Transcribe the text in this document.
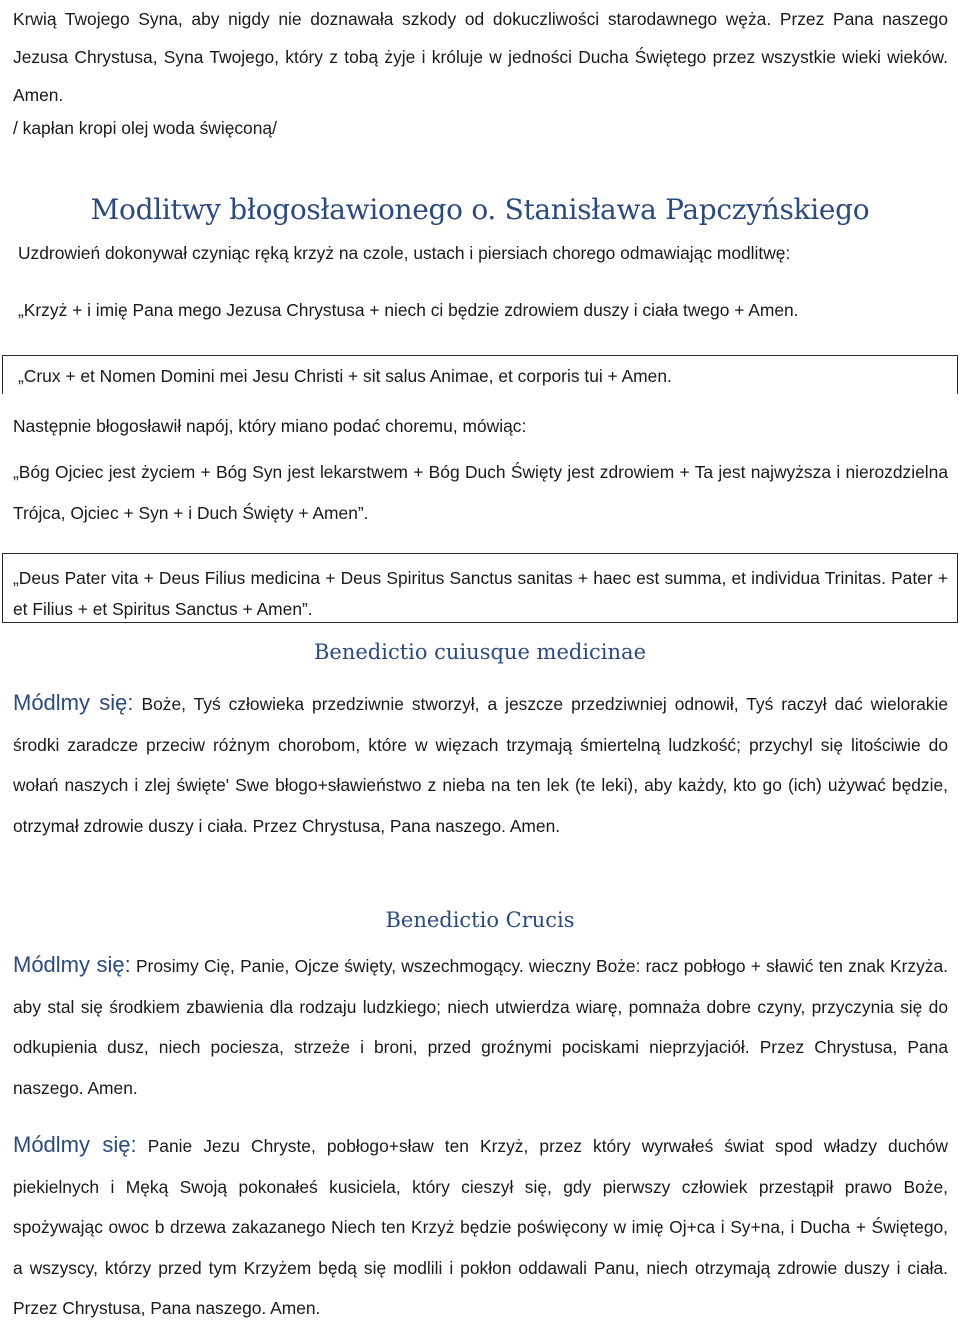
Krwią Twojego Syna, aby nigdy nie doznawała szkody od dokuczliwości starodawnego węża. Przez Pana naszego Jezusa Chrystusa, Syna Twojego, który z tobą żyje i króluje w jedności Ducha Świętego przez wszystkie wieki wieków. Amen.

/ kapłan kropi olej woda święconą/

Modlitwy błogosławionego o. Stanisława Papczyńskiego

Uzdrowień dokonywał czyniąc ręką krzyż na czole, ustach i piersiach chorego odmawiając modlitwę:

„Krzyż + i imię Pana mego Jezusa Chrystusa + niech ci będzie zdrowiem duszy i ciała twego + Amen.

„Crux + et Nomen Domini mei Jesu Christi + sit salus Animae, et corporis tui + Amen.

Następnie błogosławił napój, który miano podać choremu, mówiąc:

„Bóg Ojciec jest życiem + Bóg Syn jest lekarstwem + Bóg Duch Święty jest zdrowiem + Ta jest najwyższa i nierozdzielna Trójca, Ojciec + Syn + i Duch Święty + Amen”.

„Deus Pater vita + Deus Filius medicina + Deus Spiritus Sanctus sanitas + haec est summa, et individua Trinitas. Pater + et Filius + et Spiritus Sanctus + Amen”.

Benedictio cuiusque medicinae

Módlmy się: Boże, Tyś człowieka przedziwnie stworzył, a jeszcze przedziwniej odnowił, Tyś raczył dać wielorakie środki zaradcze przeciw różnym chorobom, które w więzach trzymają śmiertelną ludzkość; przychyl się litościwie do wołań naszych i zlej święte' Swe błogo+sławieństwo z nieba na ten lek (te leki), aby każdy, kto go (ich) używać będzie, otrzymał zdrowie duszy i ciała. Przez Chrystusa, Pana naszego. Amen.

Benedictio Crucis

Módlmy się: Prosimy Cię, Panie, Ojcze święty, wszechmogący. wieczny Boże: racz pobłogo + sławić ten znak Krzyża. aby stal się środkiem zbawienia dla rodzaju ludzkiego; niech utwierdza wiarę, pomnaża dobre czyny, przyczynia się do odkupienia dusz, niech pociesza, strzeże i broni, przed groźnymi pociskami nieprzyjaciół. Przez Chrystusa, Pana naszego. Amen.

Módlmy się: Panie Jezu Chryste, pobłogo+sław ten Krzyż, przez który wyrwałeś świat spod władzy duchów piekielnych i Męką Swoją pokonałeś kusiciela, który cieszył się, gdy pierwszy człowiek przestąpił prawo Boże, spożywając owoc b drzewa zakazanego Niech ten Krzyż będzie poświęcony w imię Oj+ca i Sy+na, i Ducha + Świętego, a wszyscy, którzy przed tym Krzyżem będą się modlili i pokłon oddawali Panu, niech otrzymają zdrowie duszy i ciała. Przez Chrystusa, Pana naszego. Amen.
